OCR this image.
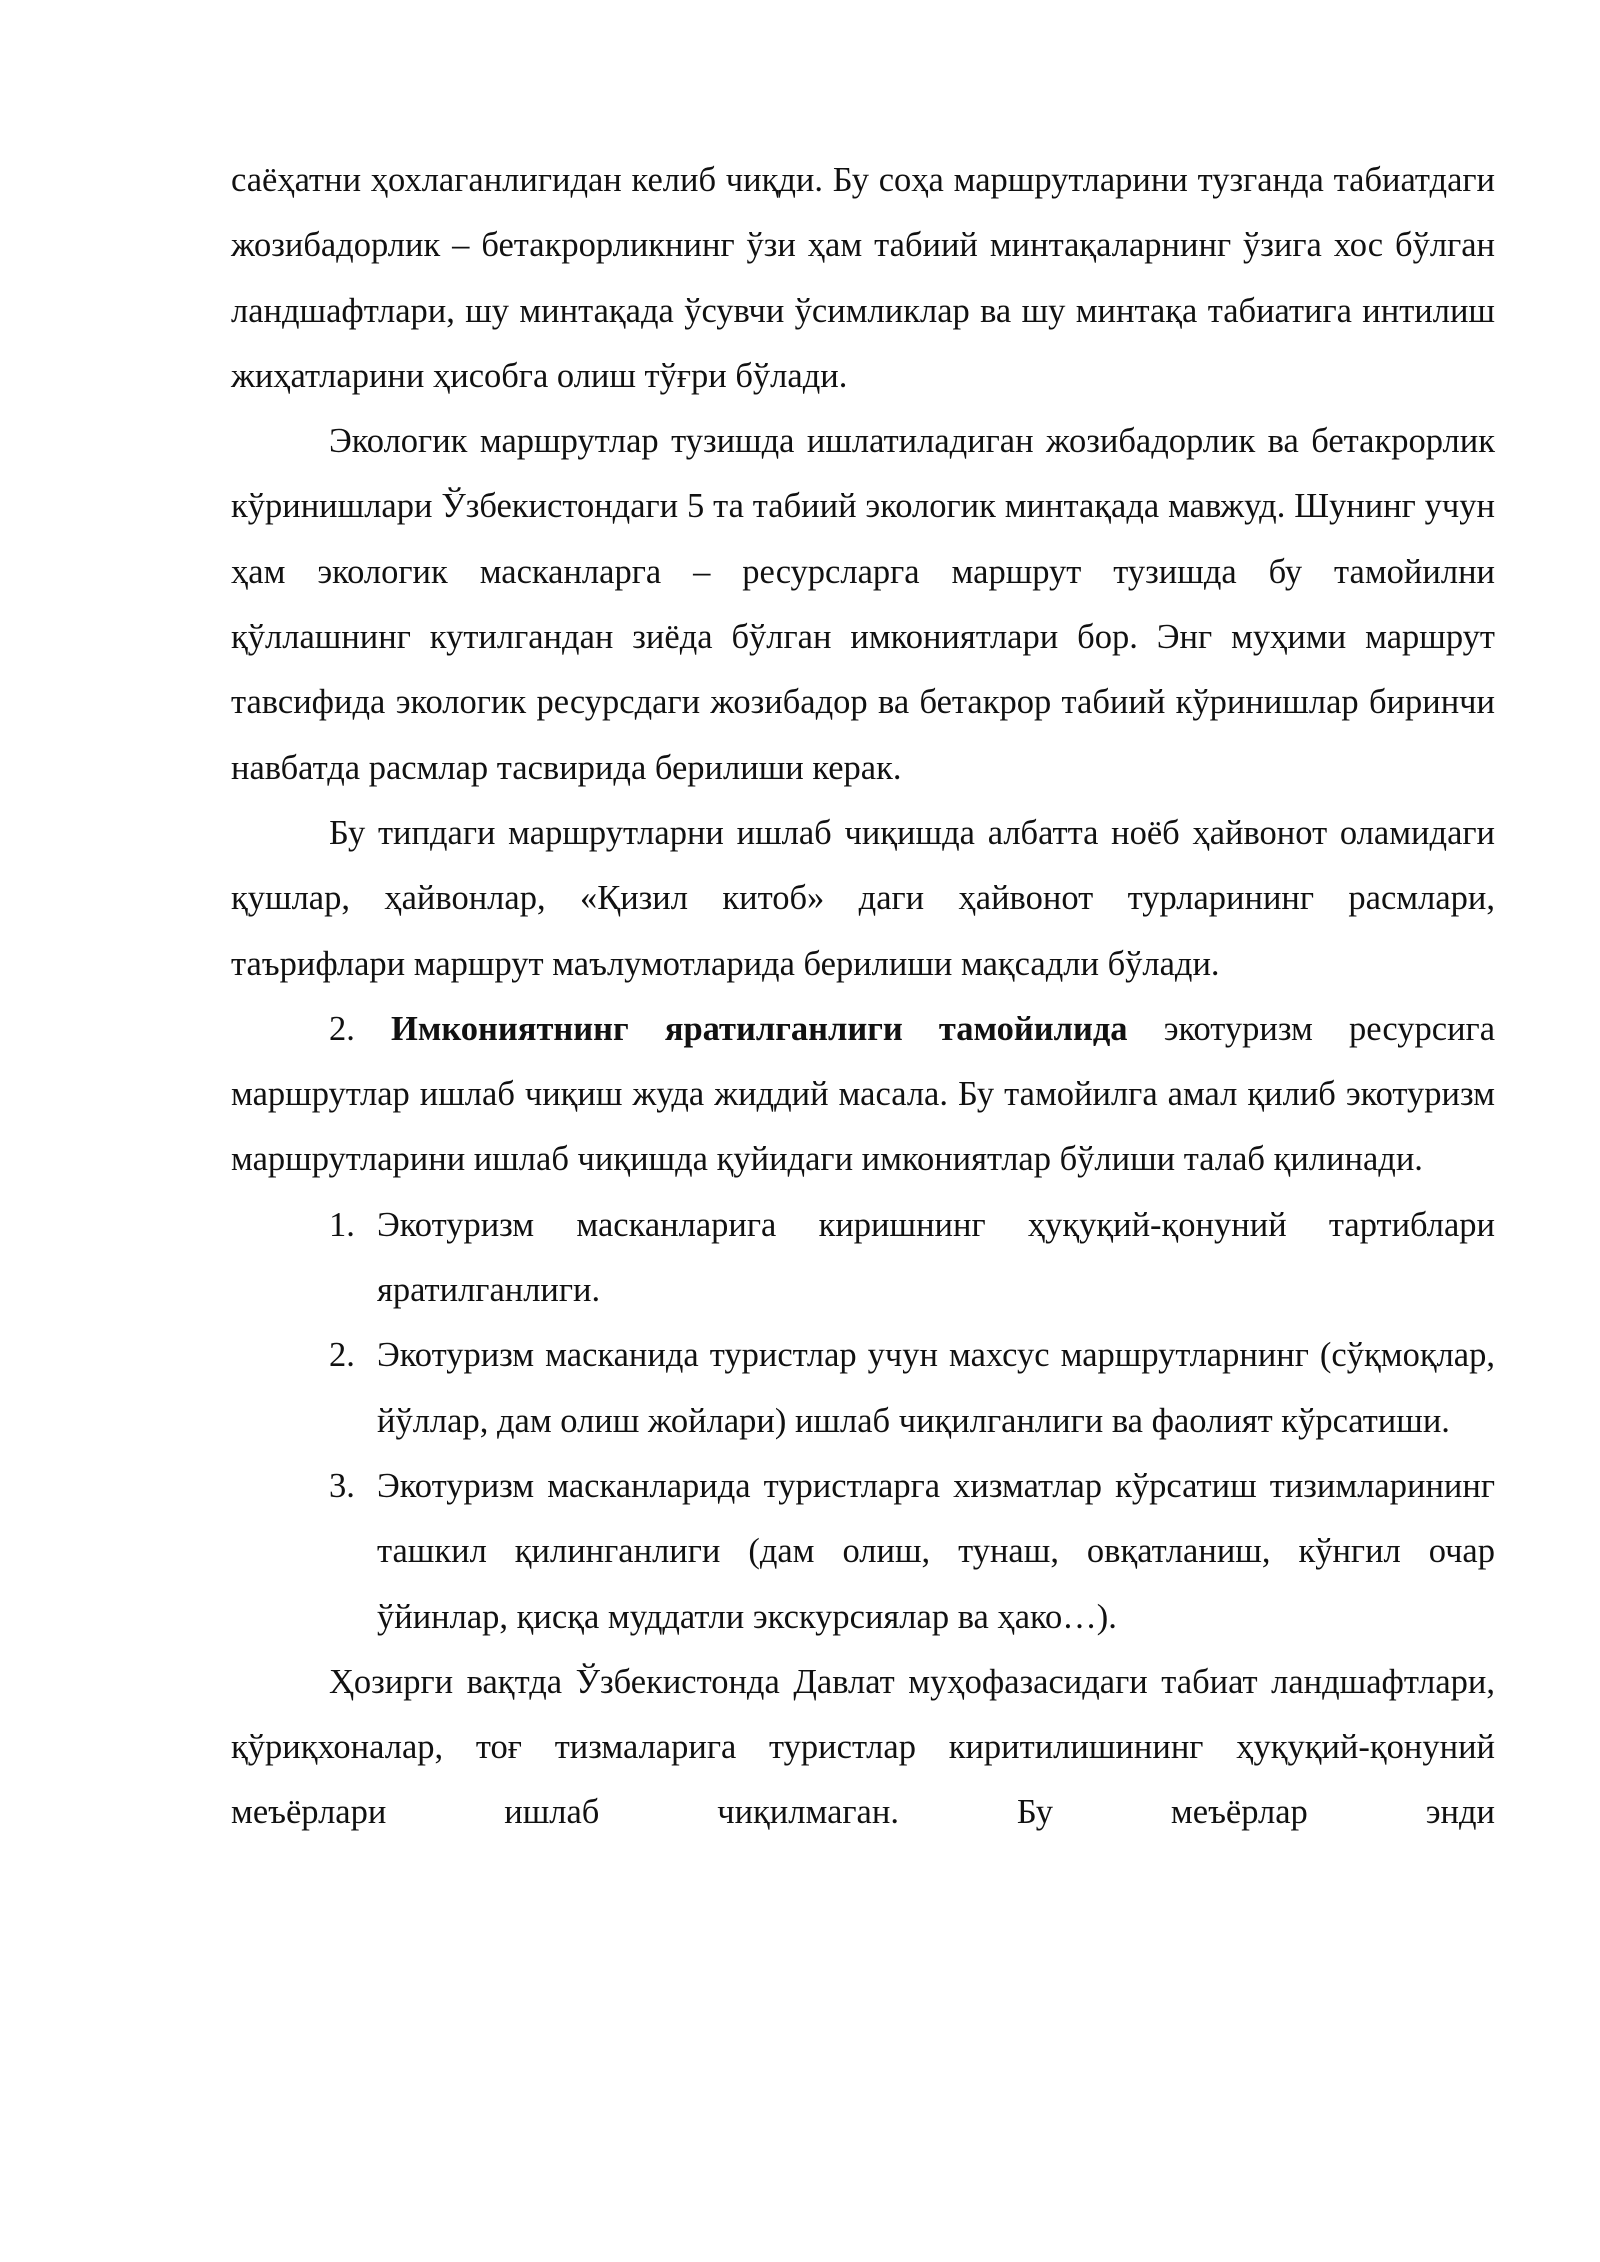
саёҳатни ҳохлаганлигидан келиб чиқди. Бу соҳа маршрутларини тузганда табиатдаги жозибадорлик – бетакрорликнинг ўзи ҳам табиий минтақаларнинг ўзига хос бўлган ландшафтлари, шу минтақада ўсувчи ўсимликлар ва шу минтақа табиатига интилиш жиҳатларини ҳисобга олиш тўғри бўлади.

Экологик маршрутлар тузишда ишлатиладиган жозибадорлик ва бетакрорлик кўринишлари Ўзбекистондаги 5 та табиий экологик минтақада мавжуд. Шунинг учун ҳам экологик масканларга – ресурсларга маршрут тузишда бу тамойилни қўллашнинг кутилгандан зиёда бўлган имкониятлари бор. Энг муҳими маршрут тавсифида экологик ресурсдаги жозибадор ва бетакрор табиий кўринишлар биринчи навбатда расмлар тасвирида берилиши керак.

Бу типдаги маршрутларни ишлаб чиқишда албатта ноёб ҳайвонот оламидаги қушлар, ҳайвонлар, «Қизил китоб» даги ҳайвонот турларининг расмлари, таърифлари маршрут маълумотларида берилиши мақсадли бўлади.

2. Имкониятнинг яратилганлиги тамойилида экотуризм ресурсига маршрутлар ишлаб чиқиш жуда жиддий масала. Бу тамойилга амал қилиб экотуризм маршрутларини ишлаб чиқишда қуйидаги имкониятлар бўлиши талаб қилинади.

1. Экотуризм масканларига киришнинг ҳуқуқий-қонуний тартиблари яратилганлиги.
2. Экотуризм масканида туристлар учун махсус маршрутларнинг (сўқмоқлар, йўллар, дам олиш жойлари) ишлаб чиқилганлиги ва фаолият кўрсатиши.
3. Экотуризм масканларида туристларга хизматлар кўрсатиш тизимларининг ташкил қилинганлиги (дам олиш, тунаш, овқатланиш, кўнгил очар ўйинлар, қисқа муддатли экскурсиялар ва ҳако…).

Ҳозирги вақтда Ўзбекистонда Давлат муҳофазасидаги табиат ландшафтлари, қўриқхоналар, тоғ тизмаларига туристлар киритилишининг ҳуқуқий-қонуний меъёрлари ишлаб чиқилмаган. Бу меъёрлар энди
